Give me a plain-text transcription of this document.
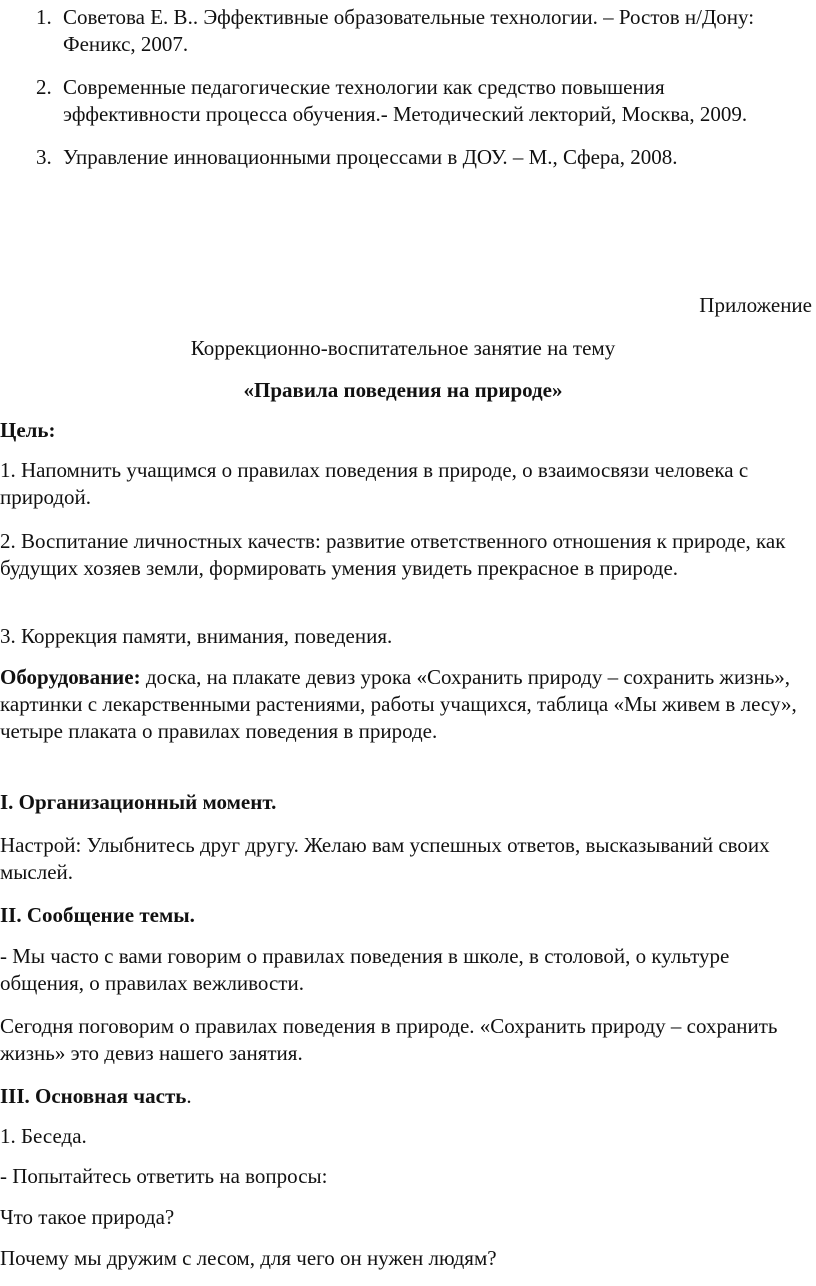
1. Советова Е. В.. Эффективные образовательные технологии. – Ростов н/Дону: Феникс, 2007.
2. Современные педагогические технологии как средство повышения эффективности процесса обучения.- Методический лекторий, Москва, 2009.
3. Управление инновационными процессами в ДОУ. – М., Сфера, 2008.

Приложение

Коррекционно-воспитательное занятие на тему

«Правила поведения на природе»

Цель:

1. Напомнить учащимся о правилах поведения в природе, о взаимосвязи человека с природой.

2. Воспитание личностных качеств: развитие ответственного отношения к природе, как будущих хозяев земли, формировать умения увидеть прекрасное в природе.

3. Коррекция памяти, внимания, поведения.

Оборудование: доска, на плакате девиз урока «Сохранить природу – сохранить жизнь», картинки с лекарственными растениями, работы учащихся, таблица «Мы живем в лесу», четыре плаката о правилах поведения в природе.

I. Организационный момент.

Настрой: Улыбнитесь друг другу. Желаю вам успешных ответов, высказываний своих мыслей.

II. Сообщение темы.

- Мы часто с вами говорим о правилах поведения в школе, в столовой, о культуре общения, о правилах вежливости.

Сегодня поговорим о правилах поведения в природе. «Сохранить природу – сохранить жизнь» это девиз нашего занятия.

III. Основная часть.

1. Беседа.

- Попытайтесь ответить на вопросы:

Что такое природа?

Почему мы дружим с лесом, для чего он нужен людям?
